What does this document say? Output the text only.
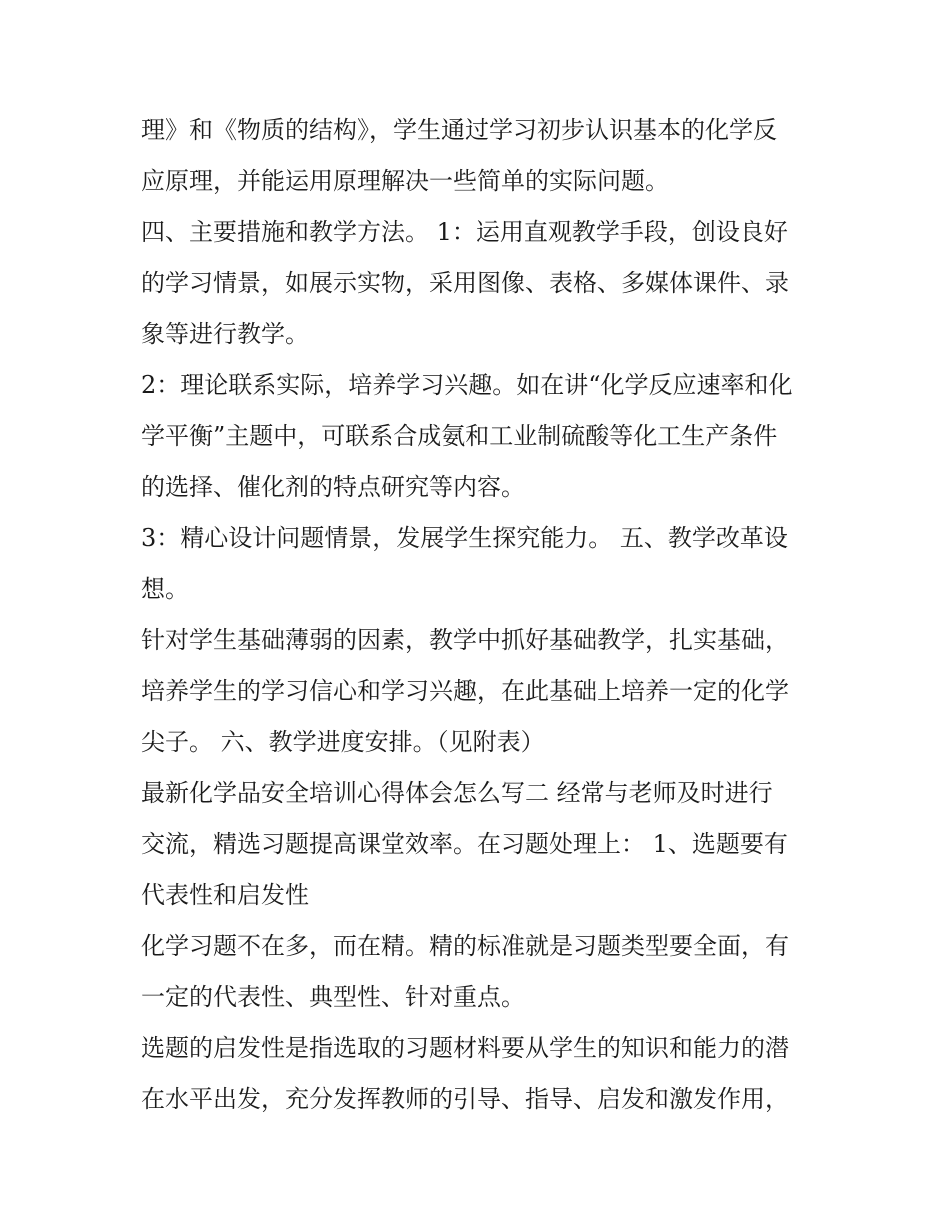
理》和《物质的结构》，学生通过学习初步认识基本的化学反
应原理，并能运用原理解决一些简单的实际问题。
四、主要措施和教学方法。 1：运用直观教学手段，创设良好
的学习情景，如展示实物，采用图像、表格、多媒体课件、录
象等进行教学。
2：理论联系实际，培养学习兴趣。如在讲“化学反应速率和化
学平衡”主题中，可联系合成氨和工业制硫酸等化工生产条件
的选择、催化剂的特点研究等内容。
3：精心设计问题情景，发展学生探究能力。 五、教学改革设
想。
针对学生基础薄弱的因素，教学中抓好基础教学，扎实基础，
培养学生的学习信心和学习兴趣，在此基础上培养一定的化学
尖子。 六、教学进度安排。（见附表）
最新化学品安全培训心得体会怎么写二 经常与老师及时进行
交流，精选习题提高课堂效率。在习题处理上： 1、选题要有
代表性和启发性
化学习题不在多，而在精。精的标准就是习题类型要全面，有
一定的代表性、典型性、针对重点。
选题的启发性是指选取的习题材料要从学生的知识和能力的潜
在水平出发，充分发挥教师的引导、指导、启发和激发作用，
